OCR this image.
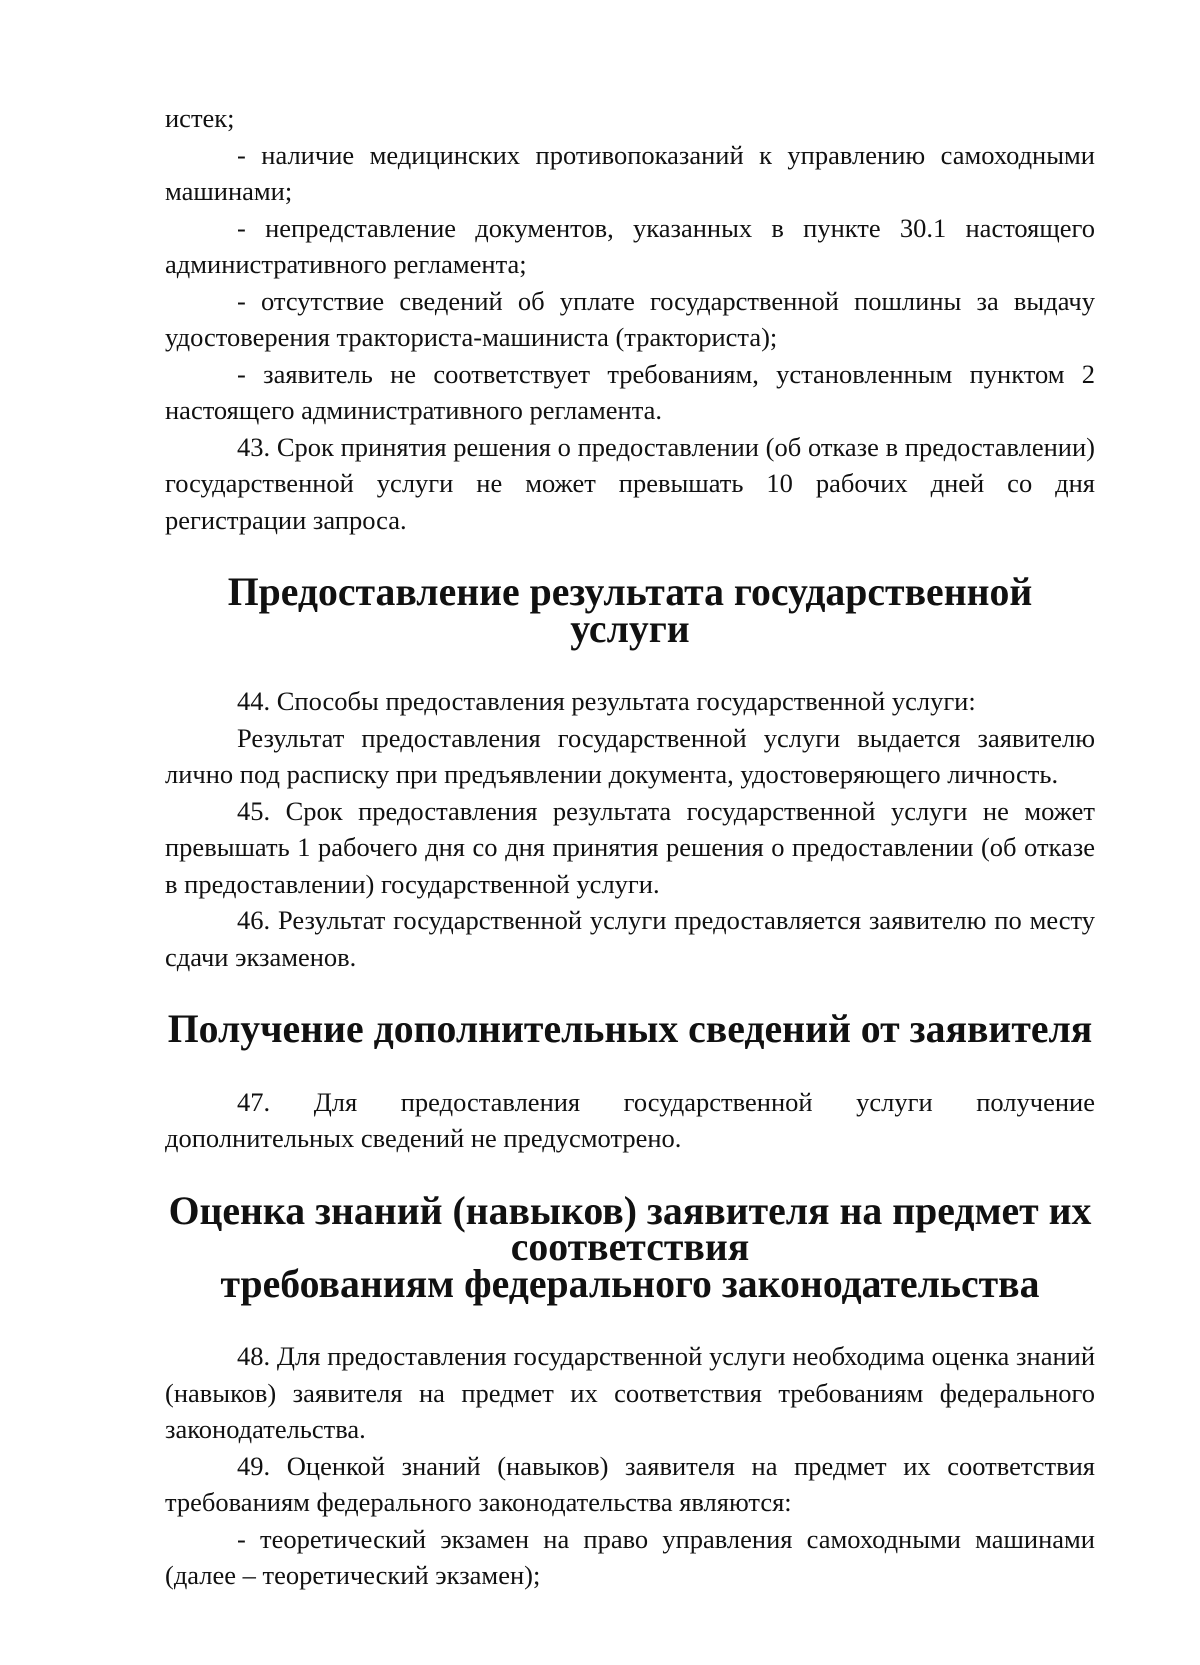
истек;

- наличие медицинских противопоказаний к управлению самоходными машинами;

- непредставление документов, указанных в пункте 30.1 настоящего административного регламента;

- отсутствие сведений об уплате государственной пошлины за выдачу удостоверения тракториста-машиниста (тракториста);

- заявитель не соответствует требованиям, установленным пунктом 2 настоящего административного регламента.

43. Срок принятия решения о предоставлении (об отказе в предоставлении) государственной услуги не может превышать 10 рабочих дней со дня регистрации запроса.

Предоставление результата государственной услуги

44. Способы предоставления результата государственной услуги:

Результат предоставления государственной услуги выдается заявителю лично под расписку при предъявлении документа, удостоверяющего личность.

45. Срок предоставления результата государственной услуги не может превышать 1 рабочего дня со дня принятия решения о предоставлении (об отказе в предоставлении) государственной услуги.

46. Результат государственной услуги предоставляется заявителю по месту сдачи экзаменов.

Получение дополнительных сведений от заявителя

47. Для предоставления государственной услуги получение дополнительных сведений не предусмотрено.

Оценка знаний (навыков) заявителя на предмет их соответствия
требованиям федерального законодательства

48. Для предоставления государственной услуги необходима оценка знаний (навыков) заявителя на предмет их соответствия требованиям федерального законодательства.

49. Оценкой знаний (навыков) заявителя на предмет их соответствия требованиям федерального законодательства являются:

- теоретический экзамен на право управления самоходными машинами (далее – теоретический экзамен);
